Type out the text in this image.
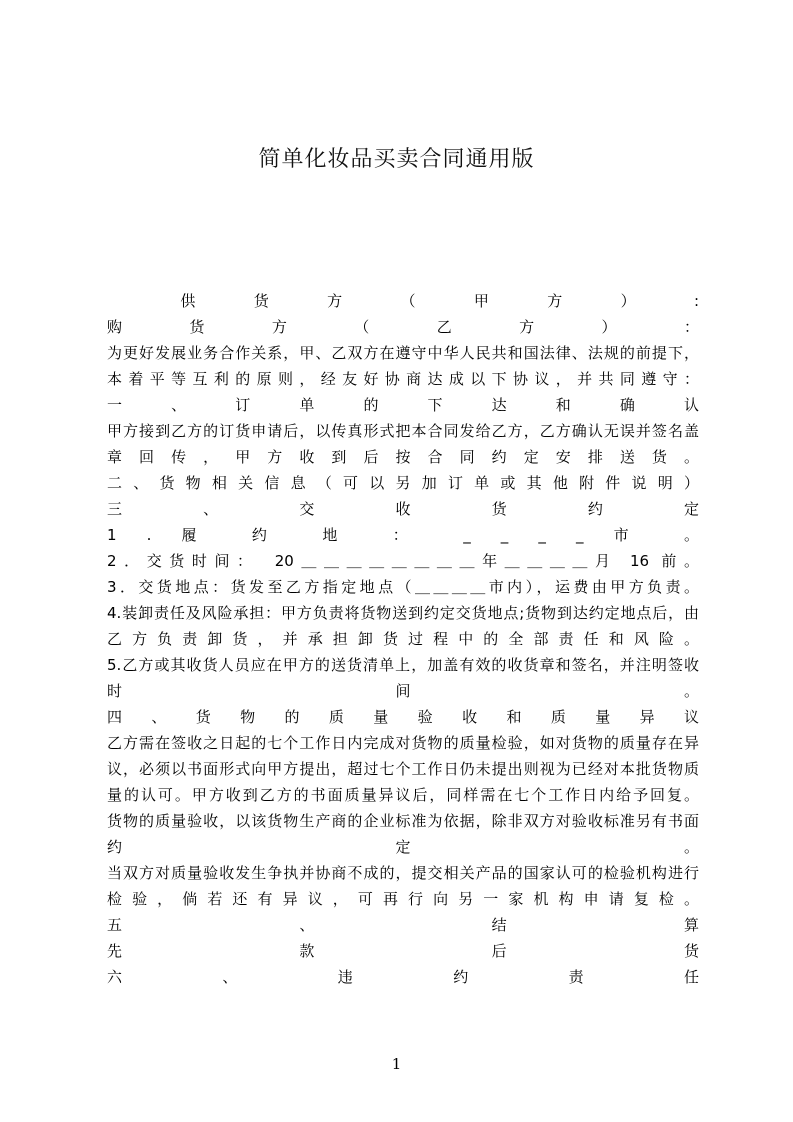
简单化妆品买卖合同通用版
　 供 货 方 （ 甲 方 ） :
购 货 方 （ 乙 方 ） ：
为更好发展业务合作关系，甲、乙双方在遵守中华人民共和国法律、法规的前提下，
本着平等互利的原则，经友好协商达成以下协议，并共同遵守：
一 、 订 单 的 下 达 和 确 认
甲方接到乙方的订货申请后，以传真形式把本合同发给乙方，乙方确认无误并签名盖
章回传，甲方收到后按合同约定安排送货。
二、货物相关信息（可以另加订单或其他附件说明）
三 、 交 收 货 约 定
1 . 履 约 地 ： _ _ _ _ 市 。
2．交货时间：　20＿＿＿＿＿＿＿＿年＿＿＿＿月 16 前。
3．交货地点：货发至乙方指定地点（＿＿＿＿市内），运费由甲方负责。
4.装卸责任及风险承担：甲方负责将货物送到约定交货地点;货物到达约定地点后，由
乙方负责卸货，并承担卸货过程中的全部责任和风险。
5.乙方或其收货人员应在甲方的送货清单上，加盖有效的收货章和签名，并注明签收
时 间 。
四 、 货 物 的 质 量 验 收 和 质 量 异 议
乙方需在签收之日起的七个工作日内完成对货物的质量检验，如对货物的质量存在异
议，必须以书面形式向甲方提出，超过七个工作日仍未提出则视为已经对本批货物质
量的认可。甲方收到乙方的书面质量异议后，同样需在七个工作日内给予回复。
货物的质量验收，以该货物生产商的企业标准为依据，除非双方对验收标准另有书面
约 定 。
当双方对质量验收发生争执并协商不成的，提交相关产品的国家认可的检验机构进行
检验，倘若还有异议，可再行向另一家机构申请复检。
五 、 结 算
先 款 后 货
六 、 违 约 责 任
1
